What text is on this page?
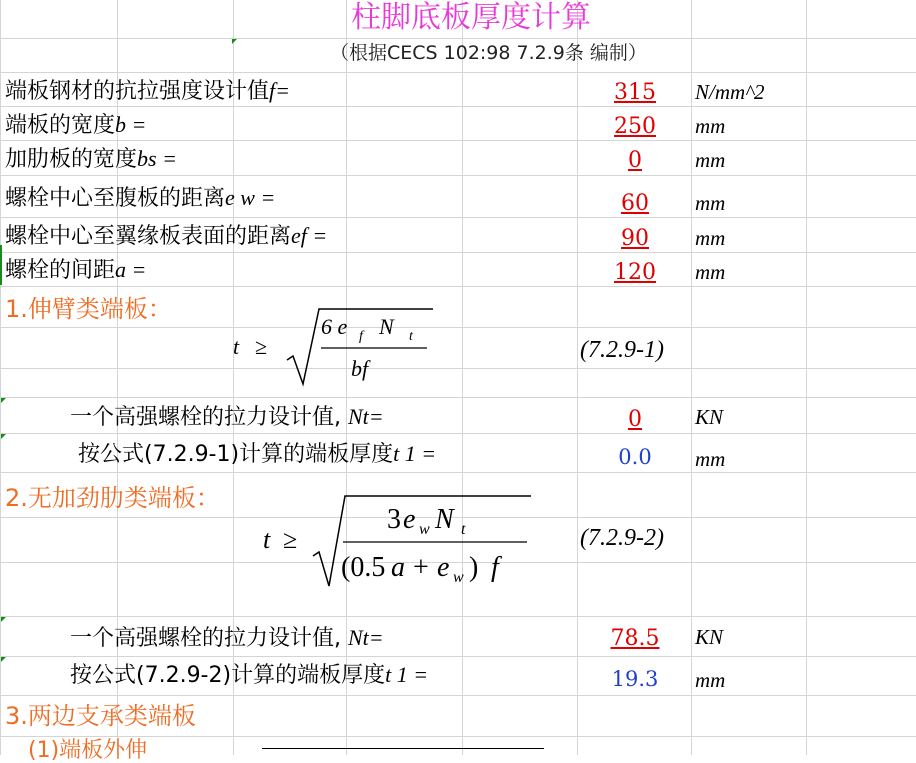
柱脚底板厚度计算
（根据CECS 102:98 7.2.9条 编制）
端板钢材的抗拉强度设计值f=	315	N/mm^2
端板的宽度b =	250	mm
加肋板的宽度bs =	0	mm
螺栓中心至腹板的距离e w =	60	mm
螺栓中心至翼缘板表面的距离ef =	90	mm
螺栓的间距a =	120	mm
1.伸臂类端板：
t ≥
6 e f N t
bf
(7.2.9-1)
一个高强螺栓的拉力设计值, Nt=	0	KN
按公式(7.2.9-1)计算的端板厚度t 1 =	0.0	mm
2.无加劲肋类端板：
t ≥
3 e w N t
(0.5 a + e w ) f
(7.2.9-2)
一个高强螺栓的拉力设计值, Nt=	78.5	KN
按公式(7.2.9-2)计算的端板厚度t 1 =	19.3	mm
3.两边支承类端板
(1)端板外伸
